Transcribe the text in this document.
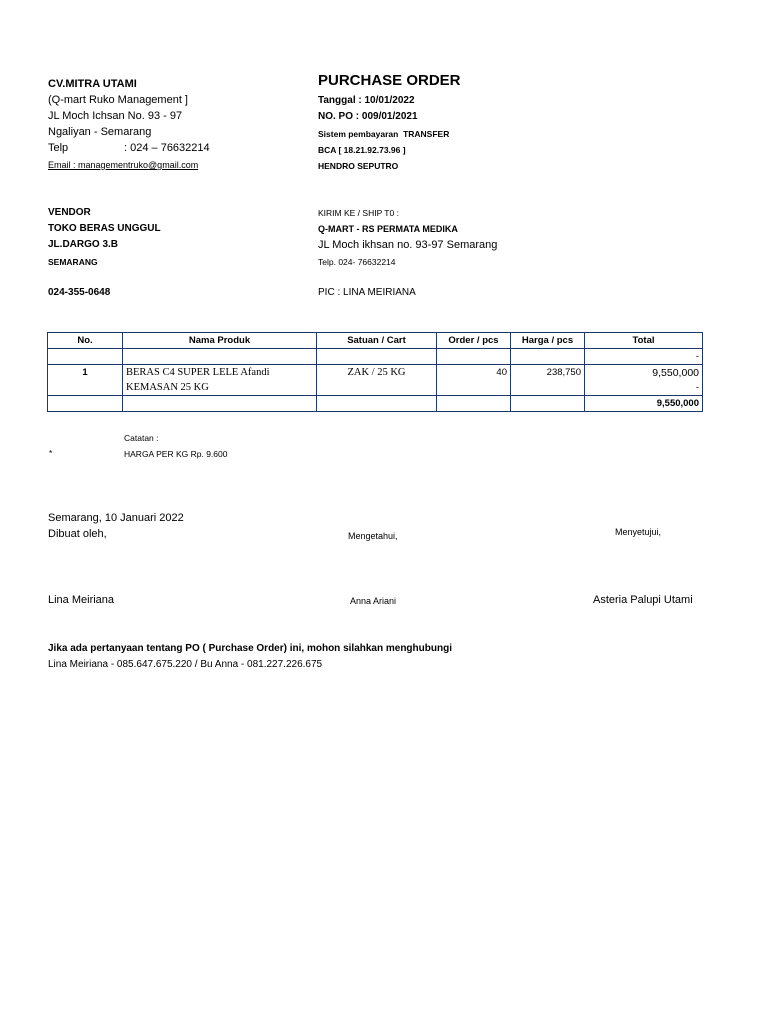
CV.MITRA UTAMI
(Q-mart Ruko Management ]
JL Moch Ichsan No. 93 - 97
Ngaliyan - Semarang
Telp	: 024 – 76632214
Email : managementruko@gmail.com
PURCHASE ORDER
Tanggal : 10/01/2022
NO. PO : 009/01/2021
Sistem pembayaran TRANSFER
BCA [ 18.21.92.73.96 ]
HENDRO SEPUTRO
VENDOR
TOKO BERAS UNGGUL
JL.DARGO 3.B
SEMARANG
024-355-0648
KIRIM KE / SHIP T0 :
Q-MART - RS PERMATA MEDIKA
JL Moch ikhsan no. 93-97 Semarang
Telp. 024- 76632214
PIC : LINA MEIRIANA
No.	Nama Produk	Satuan / Cart	Order / pcs	Harga / pcs	Total
					-
1	BERAS C4 SUPER LELE Afandi	ZAK / 25 KG	40	238,750	9,550,000
	KEMASAN 25 KG				-
					9,550,000
Catatan :
*	HARGA PER KG Rp. 9.600
Semarang, 10 Januari 2022
Dibuat oleh,	Mengetahui,	Menyetujui,
Lina Meiriana	Anna Ariani	Asteria Palupi Utami
Jika ada pertanyaan tentang PO ( Purchase Order) ini, mohon silahkan menghubungi
Lina Meiriana - 085.647.675.220 / Bu Anna - 081.227.226.675
